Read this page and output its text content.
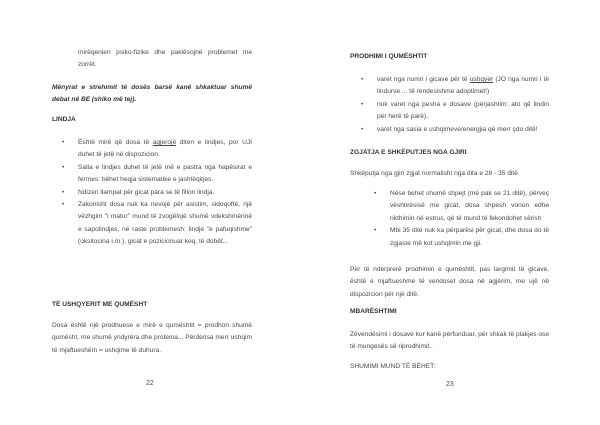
mirëqenien psiko-fizike dhe paklësojnë problemet me zorrët.
Mënyrat e strehimit të dosës barsë kanë shkaktuar shumë debat në BE (shiko më tej).
LINDJA
• Është mirë që dosa të agjerojë diten e lindjes, por UJI duhet të jetë në dispozicion.
• Salla e lindjes duhet të jetë më e pastra nga hapësirat e fermes: bëhet heqja sistematike e jashtëqitjes.
• Ndizen llampat për gicat para se të fillon lindja.
• Zakonisht dosa nuk ka nevojë për asistim, sidoqoftë, një vëzhgim "i matur" mund të zvogëlojë shumë vdekshmërinë e sapolindjes, në raste problemesh: lindje "e pafuqishme" (oksitocina i.m.), gicat e pozicionuar keq, të dobët...
TË USHQYERIT ME QUMËSHT
Dosa është një prodhuese e mirë e qumështit = prodhon shumë qumësht, me shumë yndyrëra dhe proteina... Përderisa merr ushqim të mjaftueshëm = ushqime të duhura.
22
PRODHIMI I QUMËSHTIT
• varet nga numri i gicave për të ushqyer (JO nga numri i të lindurve ... të rendesishme adoptimet!)
• nuk varet nga pesha e dosave (përjashtim: ato që lindin për herë të parë).
• varet nga sasia e ushqimeve/energjia që merr çdo ditë!
ZGJATJA E SHKËPUTJES NGA GJIRI
Shkëputja nga gjiri zgjat normalisht nga dita e 28 - 35 ditë
• Nëse behet shumë shpejt (më pak se 21 ditë), përveç vështirësisë me gicat, dosa shpesh vonon edhe rikthimin në estrus, që të mund të fekondohet sërish
• Mbi 35 ditë nuk ka përparësi për gicat, dhe dosa do të zgjaste më kot ushqimin me gji.
Për të ndërprerë prodhimin e qumështit, pas largimit të gicave, është e mjaftueshme të vendoset dosa në agjërim, me ujë në dispozicion për një ditë.
MBARËSHTIMI
Zëvendësimi i dosave kur kanë përfunduar, për shkak të plakjes ose të mungesës së riprodhimit..
SHUMIMI MUND TË BËHET:
23
